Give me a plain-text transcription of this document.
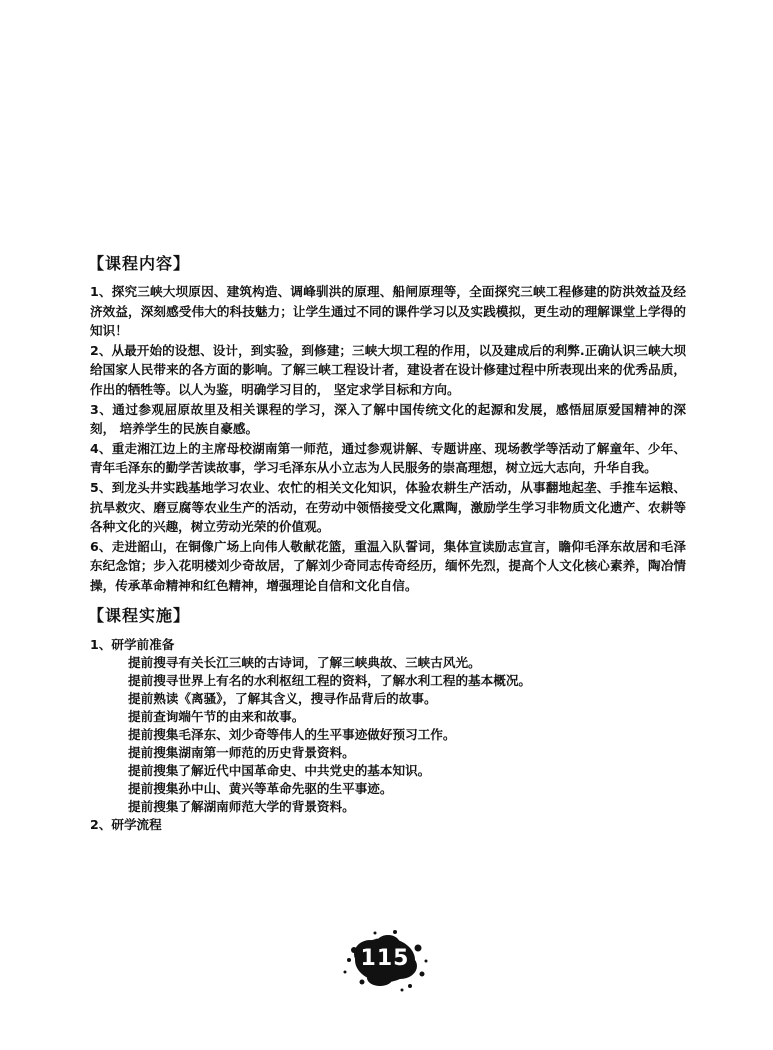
【课程内容】

1、探究三峡大坝原因、建筑构造、调峰驯洪的原理、船闸原理等，全面探究三峡工程修建的防洪效益及经济效益，深刻感受伟大的科技魅力；让学生通过不同的课件学习以及实践模拟，更生动的理解课堂上学得的知识！

2、从最开始的设想、设计，到实验，到修建；三峡大坝工程的作用，以及建成后的利弊.正确认识三峡大坝给国家人民带来的各方面的影响。了解三峡工程设计者，建设者在设计修建过程中所表现出来的优秀品质， 作出的牺牲等。以人为鉴，明确学习目的， 坚定求学目标和方向。

3、通过参观屈原故里及相关课程的学习，深入了解中国传统文化的起源和发展，感悟屈原爱国精神的深刻， 培养学生的民族自豪感。

4、重走湘江边上的主席母校湖南第一师范，通过参观讲解、专题讲座、现场教学等活动了解童年、少年、青年毛泽东的勤学苦读故事，学习毛泽东从小立志为人民服务的崇高理想，树立远大志向，升华自我。

5、到龙头井实践基地学习农业、农忙的相关文化知识，体验农耕生产活动，从事翻地起垄、手推车运粮、抗旱救灾、磨豆腐等农业生产的活动，在劳动中领悟接受文化熏陶，激励学生学习非物质文化遗产、农耕等各种文化的兴趣，树立劳动光荣的价值观。

6、走进韶山，在铜像广场上向伟人敬献花篮，重温入队誓词，集体宣读励志宣言，瞻仰毛泽东故居和毛泽东纪念馆；步入花明楼刘少奇故居，了解刘少奇同志传奇经历，缅怀先烈，提高个人文化核心素养，陶冶情操，传承革命精神和红色精神，增强理论自信和文化自信。

【课程实施】

1、研学前准备

提前搜寻有关长江三峡的古诗词，了解三峡典故、三峡古风光。
提前搜寻世界上有名的水利枢纽工程的资料，了解水利工程的基本概况。
提前熟读《离骚》，了解其含义，搜寻作品背后的故事。
提前查询端午节的由来和故事。
提前搜集毛泽东、刘少奇等伟人的生平事迹做好预习工作。
提前搜集湖南第一师范的历史背景资料。
提前搜集了解近代中国革命史、中共党史的基本知识。
提前搜集孙中山、黄兴等革命先驱的生平事迹。
提前搜集了解湖南师范大学的背景资料。

2、研学流程

115
